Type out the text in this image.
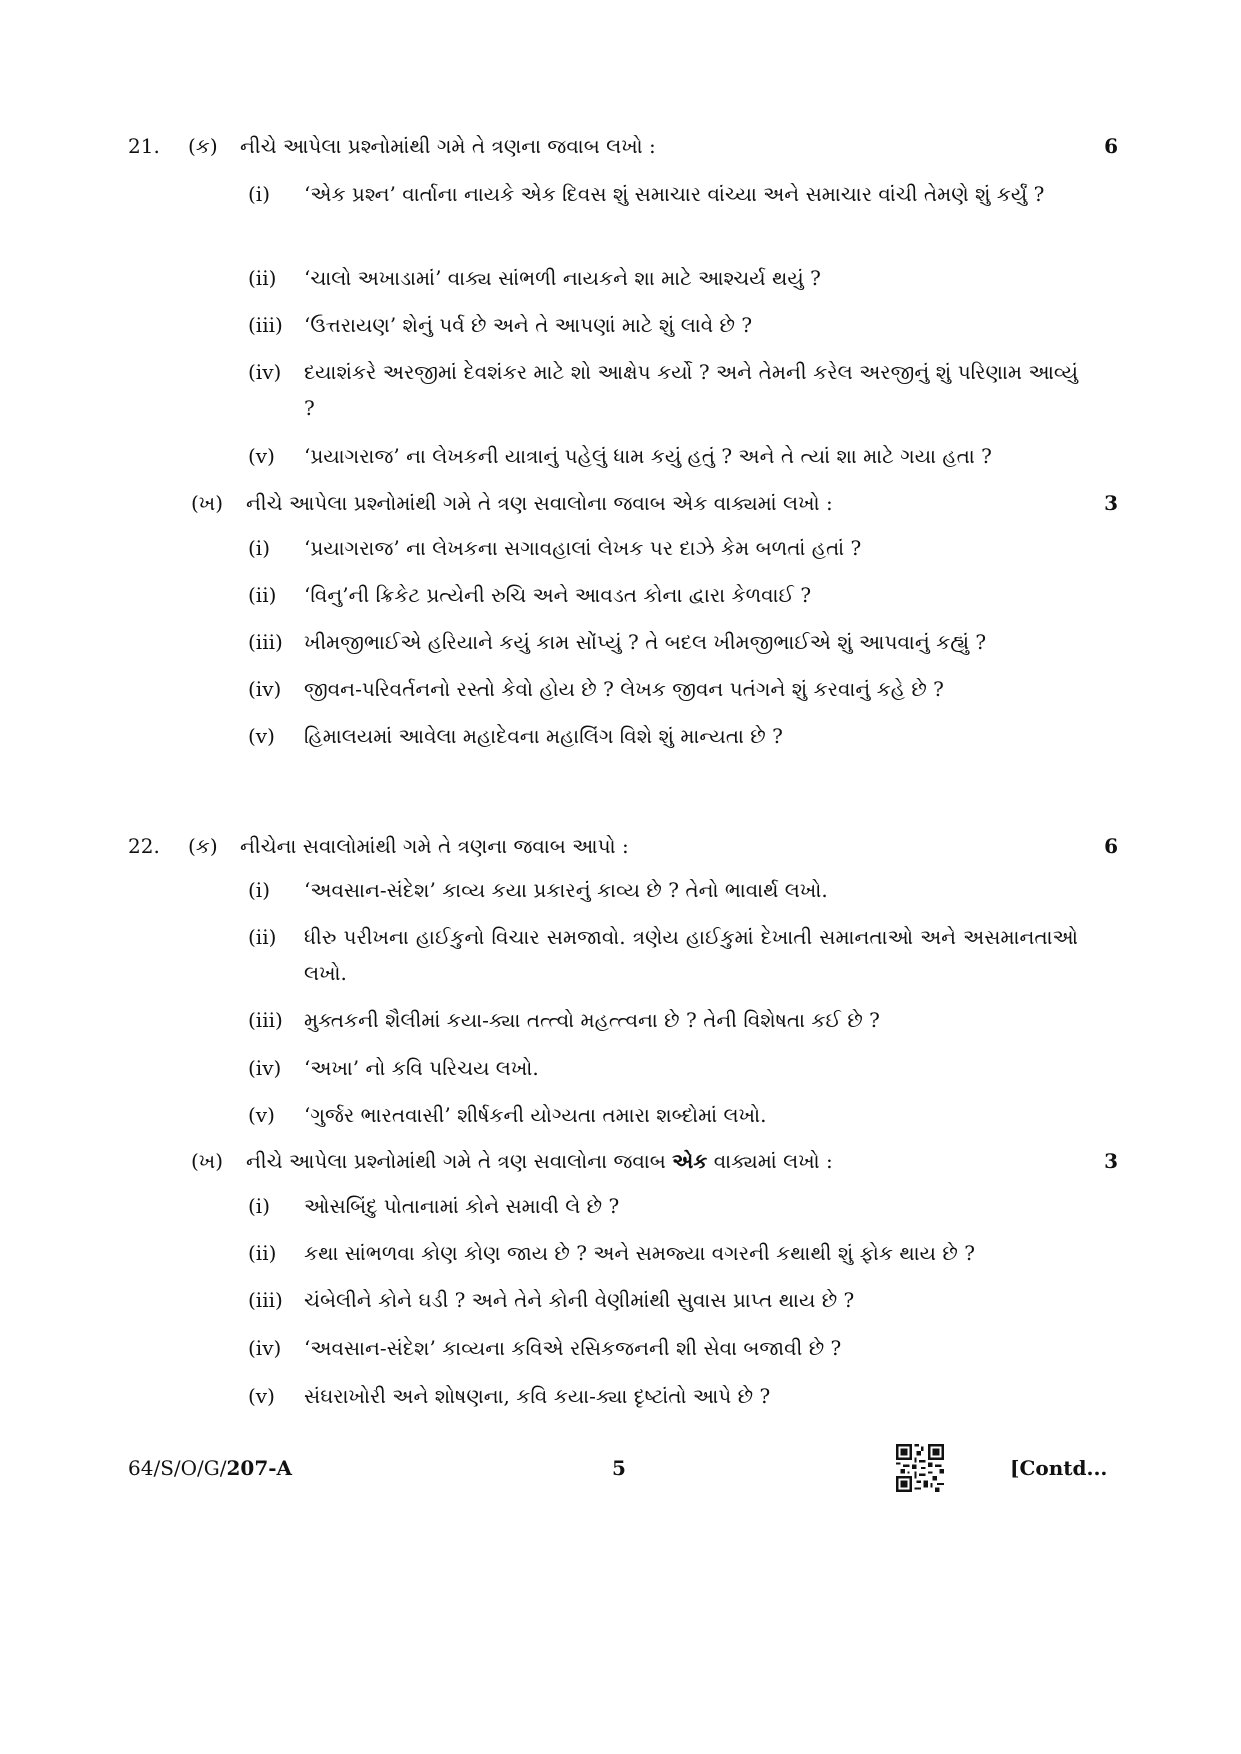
21. (ક) નીચે આપેલા પ્રશ્નોમાંથી ગમે તે ત્રણના જવાબ લખો :	6
(i) ‘એક પ્રશ્ન’ વાર્તાના નાયકે એક દિવસ શું સમાચાર વાંચ્યા અને સમાચાર વાંચી તેમણે શું કર્યું ?
(ii) ‘ચાલો અખાડામાં’ વાક્ય સાંભળી નાયકને શા માટે આશ્ચર્ય થયું ?
(iii) ‘ઉત્તરાયણ’ શેનું પર્વ છે અને તે આપણાં માટે શું લાવે છે ?
(iv) દયાશંકરે અરજીમાં દેવશંકર માટે શો આક્ષેપ કર્યો ? અને તેમની કરેલ અરજીનું શું પરિણામ આવ્યું ?
(v) ‘પ્રયાગરાજ’ ના લેખકની યાત્રાનું પહેલું ધામ કયું હતું ? અને તે ત્યાં શા માટે ગયા હતા ?
(ખ) નીચે આપેલા પ્રશ્નોમાંથી ગમે તે ત્રણ સવાલોના જવાબ એક વાક્યમાં લખો :	3
(i) ‘પ્રયાગરાજ’ ના લેખકના સગાવહાલાં લેખક પર દાઝે કેમ બળતાં હતાં ?
(ii) ‘વિનુ’ની ક્રિકેટ પ્રત્યેની રુચિ અને આવડત કોના દ્વારા કેળવાઈ ?
(iii) ખીમજીભાઈએ હરિયાને કયું કામ સોંપ્યું ? તે બદલ ખીમજીભાઈએ શું આપવાનું કહ્યું ?
(iv) જીવન-પરિવર્તનનો રસ્તો કેવો હોય છે ? લેખક જીવન પતંગને શું કરવાનું કહે છે ?
(v) હિમાલયમાં આવેલા મહાદેવના મહાલિંગ વિશે શું માન્યતા છે ?
22. (ક) નીચેના સવાલોમાંથી ગમે તે ત્રણના જવાબ આપો :	6
(i) ‘અવસાન-સંદેશ’ કાવ્ય કયા પ્રકારનું કાવ્ય છે ? તેનો ભાવાર્થ લખો.
(ii) ધીરુ પરીખના હાઈકુનો વિચાર સમજાવો. ત્રણેય હાઈકુમાં દેખાતી સમાનતાઓ અને અસમાનતાઓ લખો.
(iii) મુક્તકની શૈલીમાં કયા-ક્યા તત્ત્વો મહત્ત્વના છે ? તેની વિશેષતા કઈ છે ?
(iv) ‘અખા’ નો કવિ પરિચય લખો.
(v) ‘ગુર્જર ભારતવાસી’ શીર્ષકની યોગ્યતા તમારા શબ્દોમાં લખો.
(ખ) નીચે આપેલા પ્રશ્નોમાંથી ગમે તે ત્રણ સવાલોના જવાબ એક વાક્યમાં લખો :	3
(i) ઓસબિંદુ પોતાનામાં કોને સમાવી લે છે ?
(ii) કથા સાંભળવા કોણ કોણ જાય છે ? અને સમજ્યા વગરની કથાથી શું ફોક થાય છે ?
(iii) ચંબેલીને કોને ઘડી ? અને તેને કોની વેણીમાંથી સુવાસ પ્રાપ્ત થાય છે ?
(iv) ‘અવસાન-સંદેશ’ કાવ્યના કવિએ રસિકજનની શી સેવા બજાવી છે ?
(v) સંઘરાખોરી અને શોષણના, કવિ કયા-ક્યા દૃષ્ટાંતો આપે છે ?
64/S/O/G/207-A	5	[Contd...
